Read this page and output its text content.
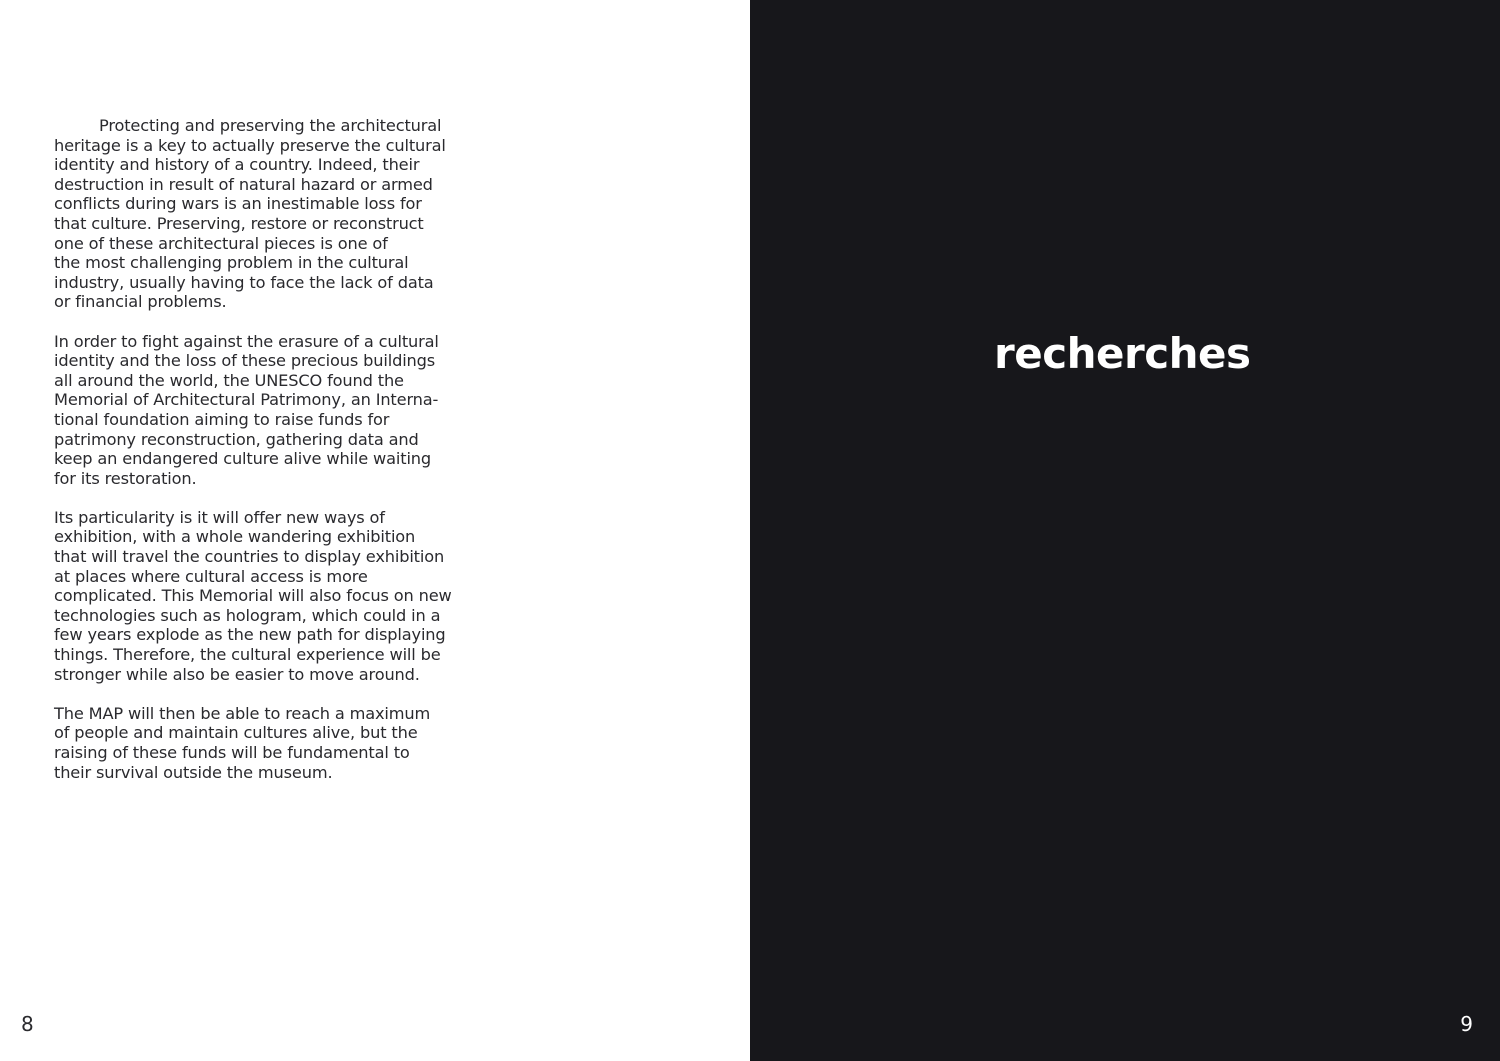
Protecting and preserving the architectural
heritage is a key to actually preserve the cultural
identity and history of a country. Indeed, their
destruction in result of natural hazard or armed
conflicts during wars is an inestimable loss for
that culture. Preserving, restore or reconstruct
one of these architectural pieces is one of
the most challenging problem in the cultural
industry, usually having to face the lack of data
or financial problems.

In order to fight against the erasure of a cultural
identity and the loss of these precious buildings
all around the world, the UNESCO found the
Memorial of Architectural Patrimony, an Interna-
tional foundation aiming to raise funds for
patrimony reconstruction, gathering data and
keep an endangered culture alive while waiting
for its restoration.

Its particularity is it will offer new ways of
exhibition, with a whole wandering exhibition
that will travel the countries to display exhibition
at places where cultural access is more
complicated. This Memorial will also focus on new
technologies such as hologram, which could in a
few years explode as the new path for displaying
things. Therefore, the cultural experience will be
stronger while also be easier to move around.

The MAP will then be able to reach a maximum
of people and maintain cultures alive, but the
raising of these funds will be fundamental to
their survival outside the museum.

8
recherches
9
